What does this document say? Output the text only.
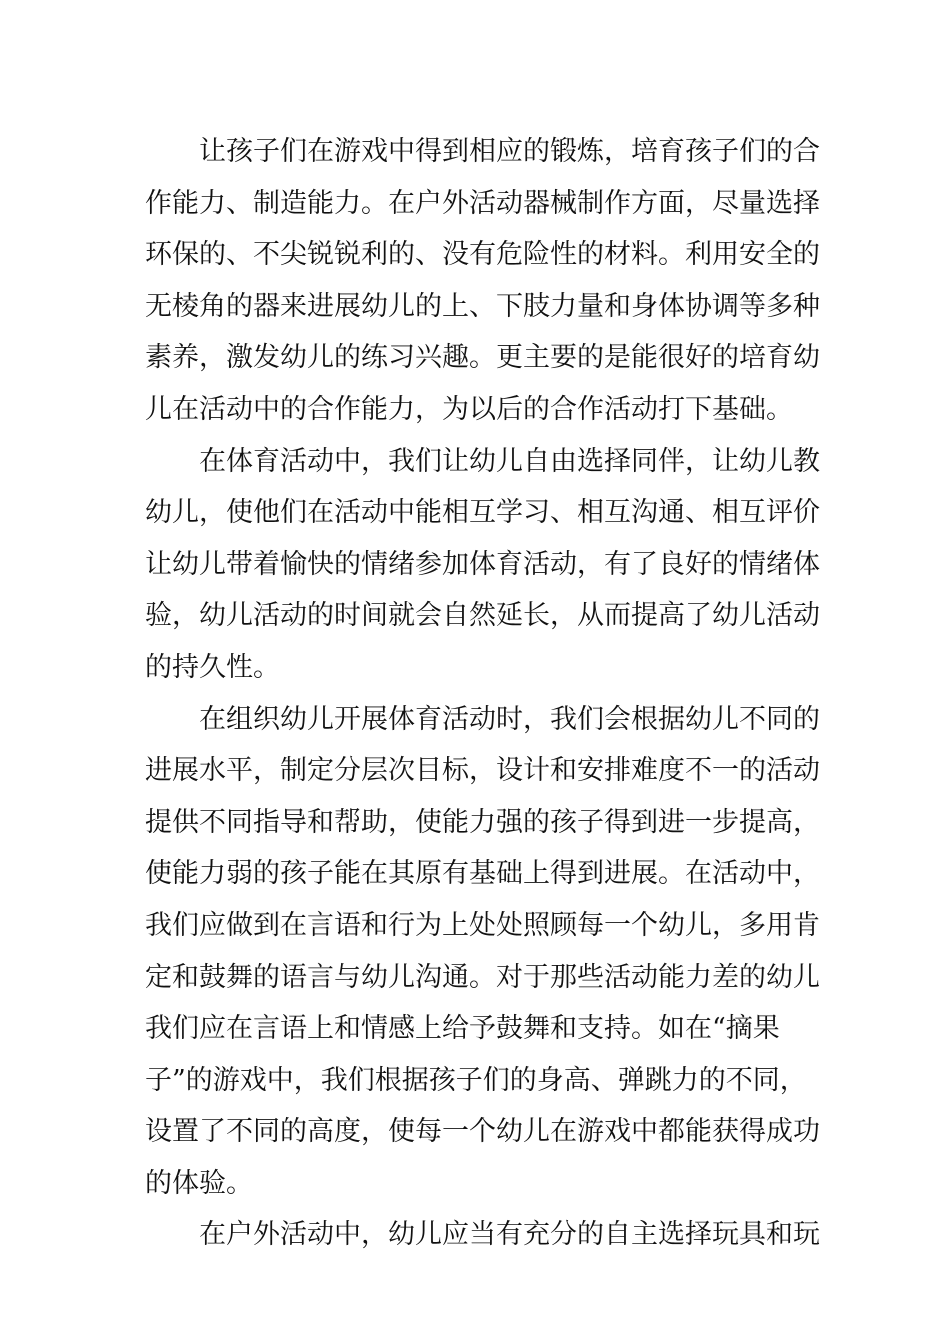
让孩子们在游戏中得到相应的锻炼，培育孩子们的合
作能力、制造能力。在户外活动器械制作方面，尽量选择
环保的、不尖锐锐利的、没有危险性的材料。利用安全的
无棱角的器来进展幼儿的上、下肢力量和身体协调等多种
素养，激发幼儿的练习兴趣。更主要的是能很好的培育幼
儿在活动中的合作能力，为以后的合作活动打下基础。
在体育活动中，我们让幼儿自由选择同伴，让幼儿教
幼儿，使他们在活动中能相互学习、相互沟通、相互评价
让幼儿带着愉快的情绪参加体育活动，有了良好的情绪体
验，幼儿活动的时间就会自然延长，从而提高了幼儿活动
的持久性。
在组织幼儿开展体育活动时，我们会根据幼儿不同的
进展水平，制定分层次目标，设计和安排难度不一的活动
提供不同指导和帮助，使能力强的孩子得到进一步提高，
使能力弱的孩子能在其原有基础上得到进展。在活动中，
我们应做到在言语和行为上处处照顾每一个幼儿，多用肯
定和鼓舞的语言与幼儿沟通。对于那些活动能力差的幼儿
我们应在言语上和情感上给予鼓舞和支持。如在“摘果
子”的游戏中，我们根据孩子们的身高、弹跳力的不同，
设置了不同的高度，使每一个幼儿在游戏中都能获得成功
的体验。
在户外活动中，幼儿应当有充分的自主选择玩具和玩
